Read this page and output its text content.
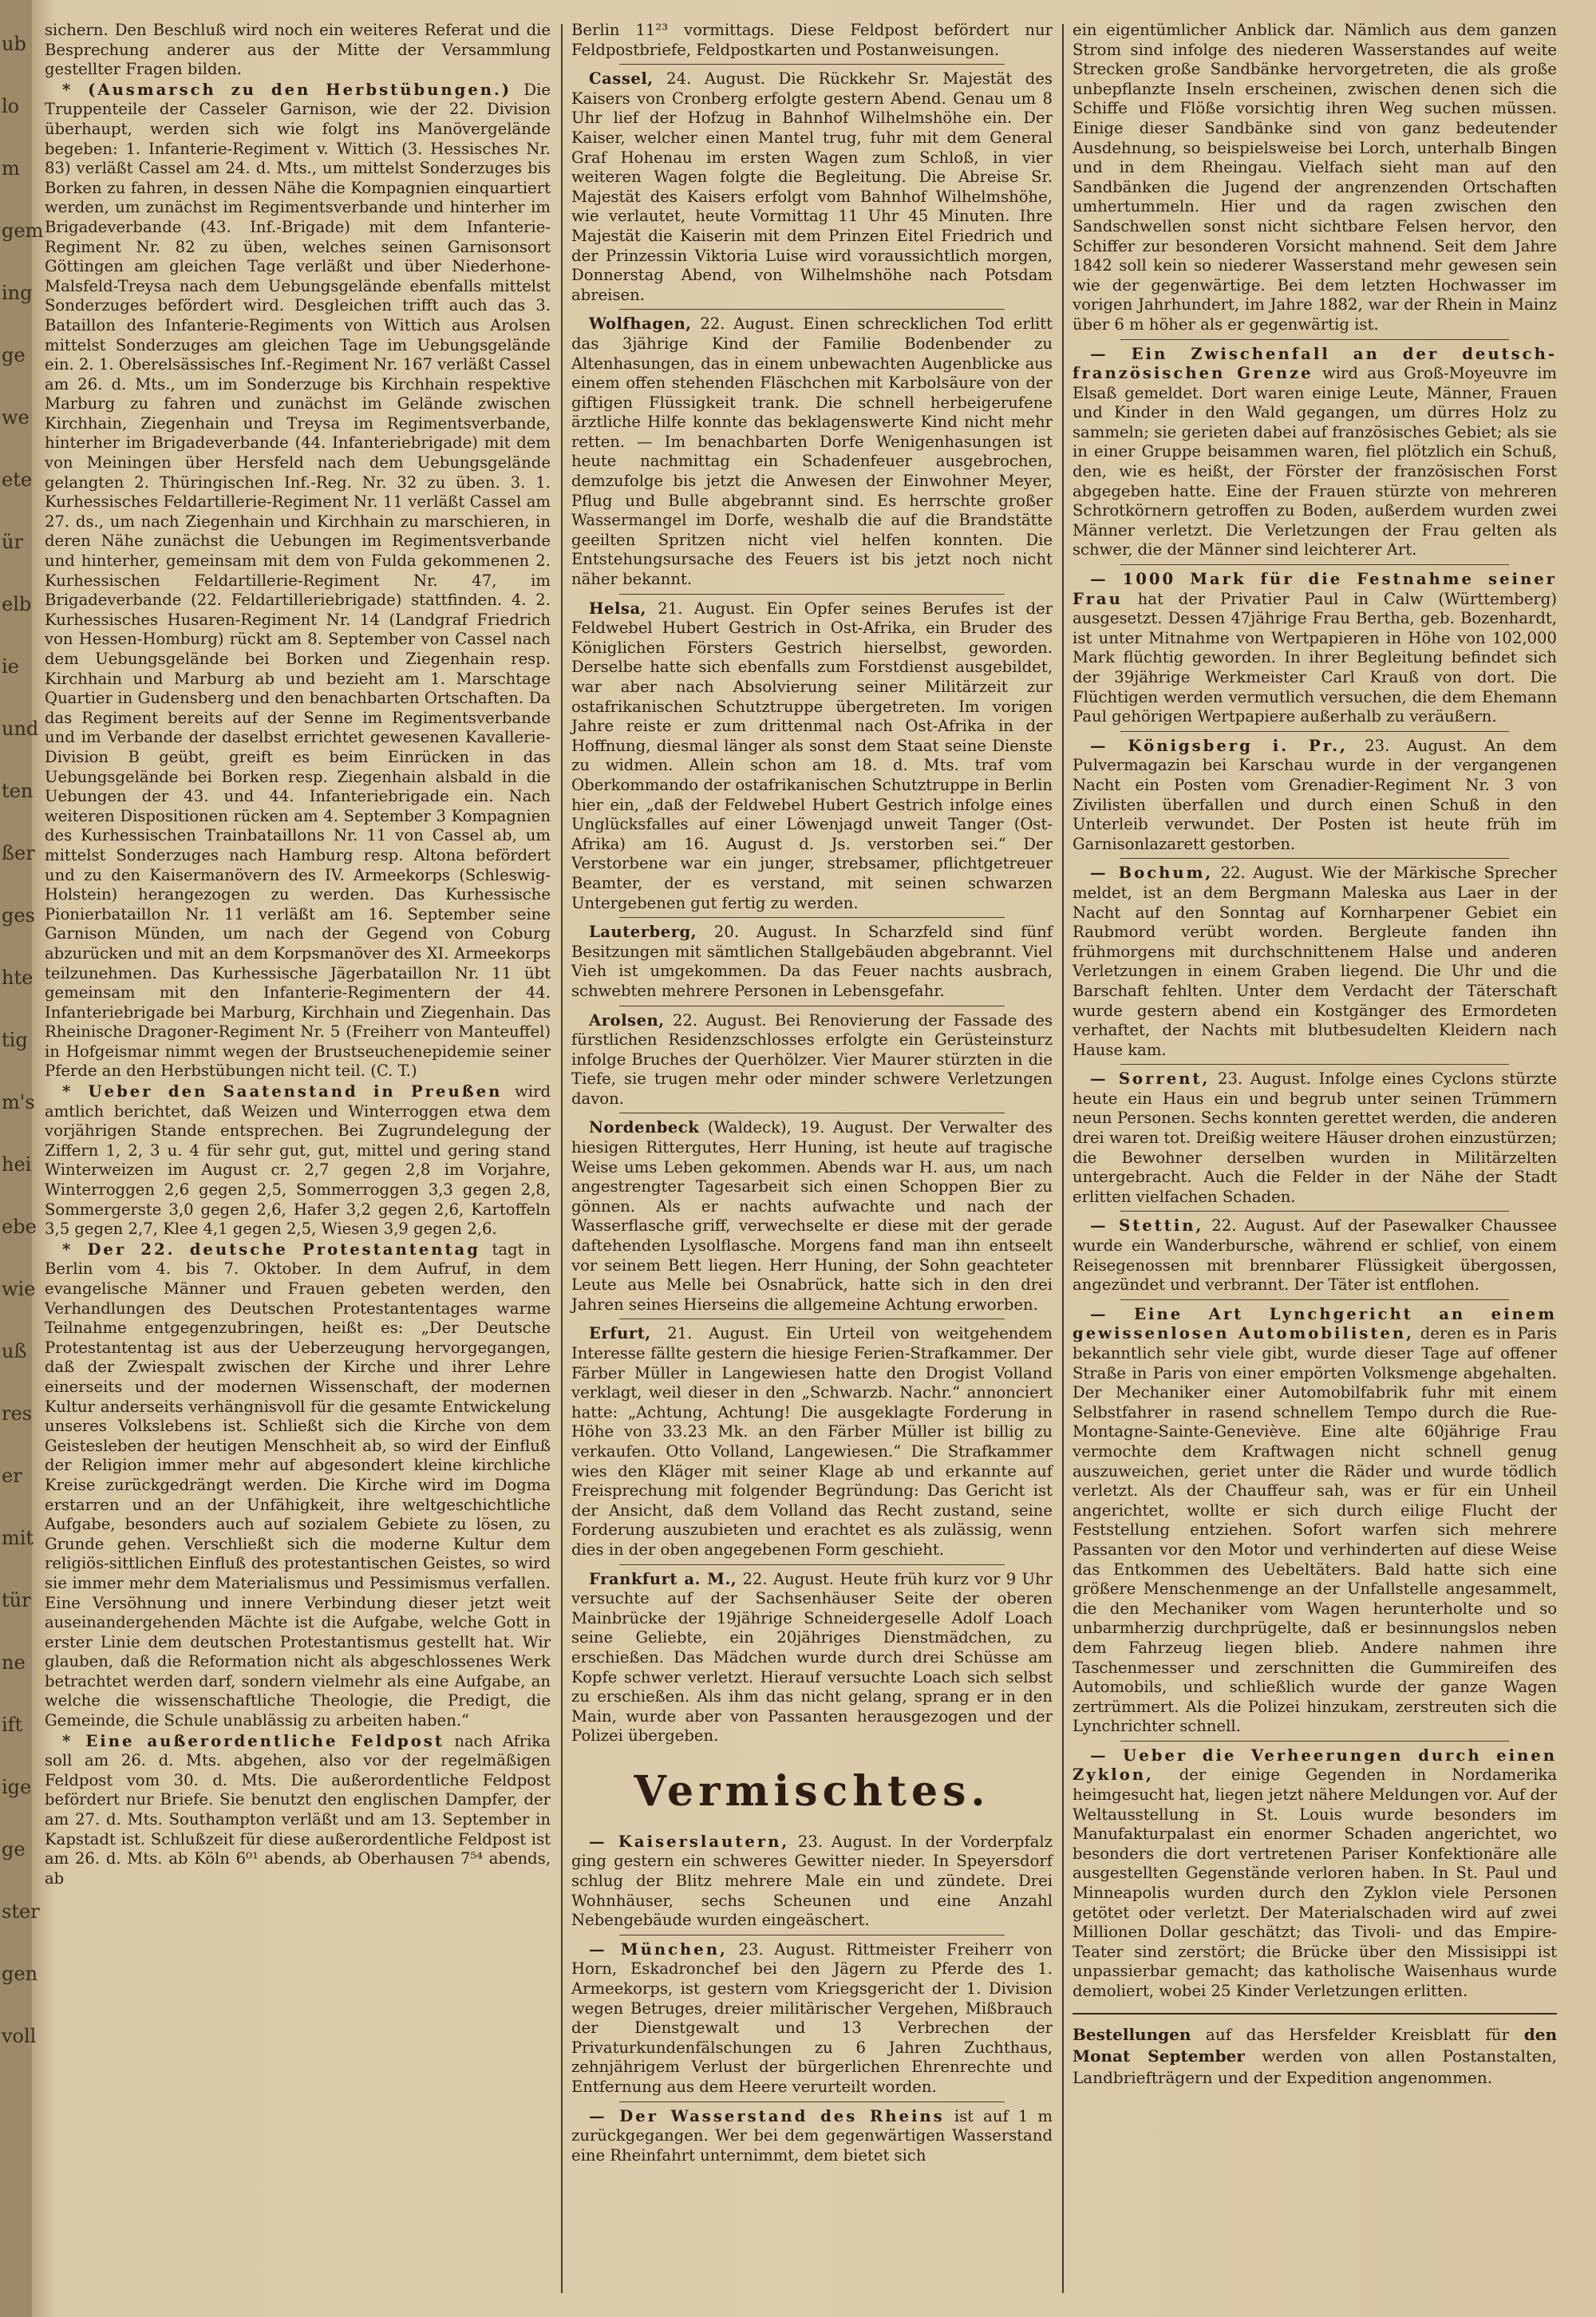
ub
lo
m
gem
ing
ge
we
ete
ür
elb
ie
und
ten
ßer
ges
hte
tig
m's
hei
ebe
wie
uß
res
er
mit
tür
ne
ift
ige
ge
ster
gen
voll

sichern. Den Beschluß wird noch ein weiteres Referat und die Besprechung anderer aus der Mitte der Versammlung gestellter Fragen bilden.

* (Ausmarsch zu den Herbstübungen.) Die Truppenteile der Casseler Garnison, wie der 22. Division überhaupt, werden sich wie folgt ins Manövergelände begeben: 1. Infanterie-Regiment v. Wittich (3. Hessisches Nr. 83) verläßt Cassel am 24. d. Mts., um mittelst Sonderzuges bis Borken zu fahren, in dessen Nähe die Kompagnien einquartiert werden, um zunächst im Regimentsverbande und hinterher im Brigadeverbande (43. Inf.-Brigade) mit dem Infanterie-Regiment Nr. 82 zu üben, welches seinen Garnisonsort Göttingen am gleichen Tage verläßt und über Niederhone-Malsfeld-Treysa nach dem Uebungsgelände ebenfalls mittelst Sonderzuges befördert wird. Desgleichen trifft auch das 3. Bataillon des Infanterie-Regiments von Wittich aus Arolsen mittelst Sonderzuges am gleichen Tage im Uebungsgelände ein. 2. 1. Oberelsässisches Inf.-Regiment Nr. 167 verläßt Cassel am 26. d. Mts., um im Sonderzuge bis Kirchhain respektive Marburg zu fahren und zunächst im Gelände zwischen Kirchhain, Ziegenhain und Treysa im Regimentsverbande, hinterher im Brigadeverbande (44. Infanteriebrigade) mit dem von Meiningen über Hersfeld nach dem Uebungsgelände gelangten 2. Thüringischen Inf.-Reg. Nr. 32 zu üben. 3. 1. Kurhessisches Feldartillerie-Regiment Nr. 11 verläßt Cassel am 27. ds., um nach Ziegenhain und Kirchhain zu marschieren, in deren Nähe zunächst die Uebungen im Regimentsverbande und hinterher, gemeinsam mit dem von Fulda gekommenen 2. Kurhessischen Feldartillerie-Regiment Nr. 47, im Brigadeverbande (22. Feldartilleriebrigade) stattfinden. 4. 2. Kurhessisches Husaren-Regiment Nr. 14 (Landgraf Friedrich von Hessen-Homburg) rückt am 8. September von Cassel nach dem Uebungsgelände bei Borken und Ziegenhain resp. Kirchhain und Marburg ab und bezieht am 1. Marschtage Quartier in Gudensberg und den benachbarten Ortschaften. Da das Regiment bereits auf der Senne im Regimentsverbande und im Verbande der daselbst errichtet gewesenen Kavallerie-Division B geübt, greift es beim Einrücken in das Uebungsgelände bei Borken resp. Ziegenhain alsbald in die Uebungen der 43. und 44. Infanteriebrigade ein. Nach weiteren Dispositionen rücken am 4. September 3 Kompagnien des Kurhessischen Trainbataillons Nr. 11 von Cassel ab, um mittelst Sonderzuges nach Hamburg resp. Altona befördert und zu den Kaisermanövern des IV. Armeekorps (Schleswig-Holstein) herangezogen zu werden. Das Kurhessische Pionierbataillon Nr. 11 verläßt am 16. September seine Garnison Münden, um nach der Gegend von Coburg abzurücken und mit an dem Korpsmanöver des XI. Armeekorps teilzunehmen. Das Kurhessische Jägerbataillon Nr. 11 übt gemeinsam mit den Infanterie-Regimentern der 44. Infanteriebrigade bei Marburg, Kirchhain und Ziegenhain. Das Rheinische Dragoner-Regiment Nr. 5 (Freiherr von Manteuffel) in Hofgeismar nimmt wegen der Brustseuchenepidemie seiner Pferde an den Herbstübungen nicht teil. (C. T.)

* Ueber den Saatenstand in Preußen wird amtlich berichtet, daß Weizen und Winterroggen etwa dem vorjährigen Stande entsprechen. Bei Zugrundelegung der Ziffern 1, 2, 3 u. 4 für sehr gut, gut, mittel und gering stand Winterweizen im August cr. 2,7 gegen 2,8 im Vorjahre, Winterroggen 2,6 gegen 2,5, Sommerroggen 3,3 gegen 2,8, Sommergerste 3,0 gegen 2,6, Hafer 3,2 gegen 2,6, Kartoffeln 3,5 gegen 2,7, Klee 4,1 gegen 2,5, Wiesen 3,9 gegen 2,6.

* Der 22. deutsche Protestantentag tagt in Berlin vom 4. bis 7. Oktober. In dem Aufruf, in dem evangelische Männer und Frauen gebeten werden, den Verhandlungen des Deutschen Protestantentages warme Teilnahme entgegenzubringen, heißt es: „Der Deutsche Protestantentag ist aus der Ueberzeugung hervorgegangen, daß der Zwiespalt zwischen der Kirche und ihrer Lehre einerseits und der modernen Wissenschaft, der modernen Kultur anderseits verhängnisvoll für die gesamte Entwickelung unseres Volkslebens ist. Schließt sich die Kirche von dem Geistesleben der heutigen Menschheit ab, so wird der Einfluß der Religion immer mehr auf abgesondert kleine kirchliche Kreise zurückgedrängt werden. Die Kirche wird im Dogma erstarren und an der Unfähigkeit, ihre weltgeschichtliche Aufgabe, besonders auch auf sozialem Gebiete zu lösen, zu Grunde gehen. Verschließt sich die moderne Kultur dem religiös-sittlichen Einfluß des protestantischen Geistes, so wird sie immer mehr dem Materialismus und Pessimismus verfallen. Eine Versöhnung und innere Verbindung dieser jetzt weit auseinandergehenden Mächte ist die Aufgabe, welche Gott in erster Linie dem deutschen Protestantismus gestellt hat. Wir glauben, daß die Reformation nicht als abgeschlossenes Werk betrachtet werden darf, sondern vielmehr als eine Aufgabe, an welche die wissenschaftliche Theologie, die Predigt, die Gemeinde, die Schule unablässig zu arbeiten haben.“

* Eine außerordentliche Feldpost nach Afrika soll am 26. d. Mts. abgehen, also vor der regelmäßigen Feldpost vom 30. d. Mts. Die außerordentliche Feldpost befördert nur Briefe. Sie benutzt den englischen Dampfer, der am 27. d. Mts. Southampton verläßt und am 13. September in Kapstadt ist. Schlußzeit für diese außerordentliche Feldpost ist am 26. d. Mts. ab Köln 6⁰¹ abends, ab Oberhausen 7⁵⁴ abends, ab

Berlin 11²³ vormittags. Diese Feldpost befördert nur Feldpostbriefe, Feldpostkarten und Postanweisungen.

Cassel, 24. August. Die Rückkehr Sr. Majestät des Kaisers von Cronberg erfolgte gestern Abend. Genau um 8 Uhr lief der Hofzug in Bahnhof Wilhelmshöhe ein. Der Kaiser, welcher einen Mantel trug, fuhr mit dem General Graf Hohenau im ersten Wagen zum Schloß, in vier weiteren Wagen folgte die Begleitung. Die Abreise Sr. Majestät des Kaisers erfolgt vom Bahnhof Wilhelmshöhe, wie verlautet, heute Vormittag 11 Uhr 45 Minuten. Ihre Majestät die Kaiserin mit dem Prinzen Eitel Friedrich und der Prinzessin Viktoria Luise wird voraussichtlich morgen, Donnerstag Abend, von Wilhelmshöhe nach Potsdam abreisen.

Wolfhagen, 22. August. Einen schrecklichen Tod erlitt das 3jährige Kind der Familie Bodenbender zu Altenhasungen, das in einem unbewachten Augenblicke aus einem offen stehenden Fläschchen mit Karbolsäure von der giftigen Flüssigkeit trank. Die schnell herbeigerufene ärztliche Hilfe konnte das beklagenswerte Kind nicht mehr retten. — Im benachbarten Dorfe Wenigenhasungen ist heute nachmittag ein Schadenfeuer ausgebrochen, demzufolge bis jetzt die Anwesen der Einwohner Meyer, Pflug und Bulle abgebrannt sind. Es herrschte großer Wassermangel im Dorfe, weshalb die auf die Brandstätte geeilten Spritzen nicht viel helfen konnten. Die Entstehungsursache des Feuers ist bis jetzt noch nicht näher bekannt.

Helsa, 21. August. Ein Opfer seines Berufes ist der Feldwebel Hubert Gestrich in Ost-Afrika, ein Bruder des Königlichen Försters Gestrich hierselbst, geworden. Derselbe hatte sich ebenfalls zum Forstdienst ausgebildet, war aber nach Absolvierung seiner Militärzeit zur ostafrikanischen Schutztruppe übergetreten. Im vorigen Jahre reiste er zum drittenmal nach Ost-Afrika in der Hoffnung, diesmal länger als sonst dem Staat seine Dienste zu widmen. Allein schon am 18. d. Mts. traf vom Oberkommando der ostafrikanischen Schutztruppe in Berlin hier ein, „daß der Feldwebel Hubert Gestrich infolge eines Unglücksfalles auf einer Löwenjagd unweit Tanger (Ost-Afrika) am 16. August d. Js. verstorben sei.“ Der Verstorbene war ein junger, strebsamer, pflichtgetreuer Beamter, der es verstand, mit seinen schwarzen Untergebenen gut fertig zu werden.

Lauterberg, 20. August. In Scharzfeld sind fünf Besitzungen mit sämtlichen Stallgebäuden abgebrannt. Viel Vieh ist umgekommen. Da das Feuer nachts ausbrach, schwebten mehrere Personen in Lebensgefahr.

Arolsen, 22. August. Bei Renovierung der Fassade des fürstlichen Residenzschlosses erfolgte ein Gerüsteinsturz infolge Bruches der Querhölzer. Vier Maurer stürzten in die Tiefe, sie trugen mehr oder minder schwere Verletzungen davon.

Nordenbeck (Waldeck), 19. August. Der Verwalter des hiesigen Rittergutes, Herr Huning, ist heute auf tragische Weise ums Leben gekommen. Abends war H. aus, um nach angestrengter Tagesarbeit sich einen Schoppen Bier zu gönnen. Als er nachts aufwachte und nach der Wasserflasche griff, verwechselte er diese mit der gerade daftehenden Lysolflasche. Morgens fand man ihn entseelt vor seinem Bett liegen. Herr Huning, der Sohn geachteter Leute aus Melle bei Osnabrück, hatte sich in den drei Jahren seines Hierseins die allgemeine Achtung erworben.

Erfurt, 21. August. Ein Urteil von weitgehendem Interesse fällte gestern die hiesige Ferien-Strafkammer. Der Färber Müller in Langewiesen hatte den Drogist Volland verklagt, weil dieser in den „Schwarzb. Nachr.“ annonciert hatte: „Achtung, Achtung! Die ausgeklagte Forderung in Höhe von 33.23 Mk. an den Färber Müller ist billig zu verkaufen. Otto Volland, Langewiesen.“ Die Strafkammer wies den Kläger mit seiner Klage ab und erkannte auf Freisprechung mit folgender Begründung: Das Gericht ist der Ansicht, daß dem Volland das Recht zustand, seine Forderung auszubieten und erachtet es als zulässig, wenn dies in der oben angegebenen Form geschieht.

Frankfurt a. M., 22. August. Heute früh kurz vor 9 Uhr versuchte auf der Sachsenhäuser Seite der oberen Mainbrücke der 19jährige Schneidergeselle Adolf Loach seine Geliebte, ein 20jähriges Dienstmädchen, zu erschießen. Das Mädchen wurde durch drei Schüsse am Kopfe schwer verletzt. Hierauf versuchte Loach sich selbst zu erschießen. Als ihm das nicht gelang, sprang er in den Main, wurde aber von Passanten herausgezogen und der Polizei übergeben.

Vermischtes.

— Kaiserslautern, 23. August. In der Vorderpfalz ging gestern ein schweres Gewitter nieder. In Speyersdorf schlug der Blitz mehrere Male ein und zündete. Drei Wohnhäuser, sechs Scheunen und eine Anzahl Nebengebäude wurden eingeäschert.

— München, 23. August. Rittmeister Freiherr von Horn, Eskadronchef bei den Jägern zu Pferde des 1. Armeekorps, ist gestern vom Kriegsgericht der 1. Division wegen Betruges, dreier militärischer Vergehen, Mißbrauch der Dienstgewalt und 13 Verbrechen der Privaturkundenfälschungen zu 6 Jahren Zuchthaus, zehnjährigem Verlust der bürgerlichen Ehrenrechte und Entfernung aus dem Heere verurteilt worden.

— Der Wasserstand des Rheins ist auf 1 m zurückgegangen. Wer bei dem gegenwärtigen Wasserstand eine Rheinfahrt unternimmt, dem bietet sich

ein eigentümlicher Anblick dar. Nämlich aus dem ganzen Strom sind infolge des niederen Wasserstandes auf weite Strecken große Sandbänke hervorgetreten, die als große unbepflanzte Inseln erscheinen, zwischen denen sich die Schiffe und Flöße vorsichtig ihren Weg suchen müssen. Einige dieser Sandbänke sind von ganz bedeutender Ausdehnung, so beispielsweise bei Lorch, unterhalb Bingen und in dem Rheingau. Vielfach sieht man auf den Sandbänken die Jugend der angrenzenden Ortschaften umhertummeln. Hier und da ragen zwischen den Sandschwellen sonst nicht sichtbare Felsen hervor, den Schiffer zur besonderen Vorsicht mahnend. Seit dem Jahre 1842 soll kein so niederer Wasserstand mehr gewesen sein wie der gegenwärtige. Bei dem letzten Hochwasser im vorigen Jahrhundert, im Jahre 1882, war der Rhein in Mainz über 6 m höher als er gegenwärtig ist.

— Ein Zwischenfall an der deutsch-französischen Grenze wird aus Groß-Moyeuvre im Elsaß gemeldet. Dort waren einige Leute, Männer, Frauen und Kinder in den Wald gegangen, um dürres Holz zu sammeln; sie gerieten dabei auf französisches Gebiet; als sie in einer Gruppe beisammen waren, fiel plötzlich ein Schuß, den, wie es heißt, der Förster der französischen Forst abgegeben hatte. Eine der Frauen stürzte von mehreren Schrotkörnern getroffen zu Boden, außerdem wurden zwei Männer verletzt. Die Verletzungen der Frau gelten als schwer, die der Männer sind leichterer Art.

— 1000 Mark für die Festnahme seiner Frau hat der Privatier Paul in Calw (Württemberg) ausgesetzt. Dessen 47jährige Frau Bertha, geb. Bozenhardt, ist unter Mitnahme von Wertpapieren in Höhe von 102,000 Mark flüchtig geworden. In ihrer Begleitung befindet sich der 39jährige Werkmeister Carl Krauß von dort. Die Flüchtigen werden vermutlich versuchen, die dem Ehemann Paul gehörigen Wertpapiere außerhalb zu veräußern.

— Königsberg i. Pr., 23. August. An dem Pulvermagazin bei Karschau wurde in der vergangenen Nacht ein Posten vom Grenadier-Regiment Nr. 3 von Zivilisten überfallen und durch einen Schuß in den Unterleib verwundet. Der Posten ist heute früh im Garnisonlazarett gestorben.

— Bochum, 22. August. Wie der Märkische Sprecher meldet, ist an dem Bergmann Maleska aus Laer in der Nacht auf den Sonntag auf Kornharpener Gebiet ein Raubmord verübt worden. Bergleute fanden ihn frühmorgens mit durchschnittenem Halse und anderen Verletzungen in einem Graben liegend. Die Uhr und die Barschaft fehlten. Unter dem Verdacht der Täterschaft wurde gestern abend ein Kostgänger des Ermordeten verhaftet, der Nachts mit blutbesudelten Kleidern nach Hause kam.

— Sorrent, 23. August. Infolge eines Cyclons stürzte heute ein Haus ein und begrub unter seinen Trümmern neun Personen. Sechs konnten gerettet werden, die anderen drei waren tot. Dreißig weitere Häuser drohen einzustürzen; die Bewohner derselben wurden in Militärzelten untergebracht. Auch die Felder in der Nähe der Stadt erlitten vielfachen Schaden.

— Stettin, 22. August. Auf der Pasewalker Chaussee wurde ein Wanderbursche, während er schlief, von einem Reisegenossen mit brennbarer Flüssigkeit übergossen, angezündet und verbrannt. Der Täter ist entflohen.

— Eine Art Lynchgericht an einem gewissenlosen Automobilisten, deren es in Paris bekanntlich sehr viele gibt, wurde dieser Tage auf offener Straße in Paris von einer empörten Volksmenge abgehalten. Der Mechaniker einer Automobilfabrik fuhr mit einem Selbstfahrer in rasend schnellem Tempo durch die Rue-Montagne-Sainte-Geneviève. Eine alte 60jährige Frau vermochte dem Kraftwagen nicht schnell genug auszuweichen, geriet unter die Räder und wurde tödlich verletzt. Als der Chauffeur sah, was er für ein Unheil angerichtet, wollte er sich durch eilige Flucht der Feststellung entziehen. Sofort warfen sich mehrere Passanten vor den Motor und verhinderten auf diese Weise das Entkommen des Uebeltäters. Bald hatte sich eine größere Menschenmenge an der Unfallstelle angesammelt, die den Mechaniker vom Wagen herunterholte und so unbarmherzig durchprügelte, daß er besinnungslos neben dem Fahrzeug liegen blieb. Andere nahmen ihre Taschenmesser und zerschnitten die Gummireifen des Automobils, und schließlich wurde der ganze Wagen zertrümmert. Als die Polizei hinzukam, zerstreuten sich die Lynchrichter schnell.

— Ueber die Verheerungen durch einen Zyklon, der einige Gegenden in Nordamerika heimgesucht hat, liegen jetzt nähere Meldungen vor. Auf der Weltausstellung in St. Louis wurde besonders im Manufakturpalast ein enormer Schaden angerichtet, wo besonders die dort vertretenen Pariser Konfektionäre alle ausgestellten Gegenstände verloren haben. In St. Paul und Minneapolis wurden durch den Zyklon viele Personen getötet oder verletzt. Der Materialschaden wird auf zwei Millionen Dollar geschätzt; das Tivoli- und das Empire-Teater sind zerstört; die Brücke über den Missisippi ist unpassierbar gemacht; das katholische Waisenhaus wurde demoliert, wobei 25 Kinder Verletzungen erlitten.

Bestellungen auf das Hersfelder Kreisblatt für den Monat September werden von allen Postanstalten, Landbriefträgern und der Expedition angenommen.
